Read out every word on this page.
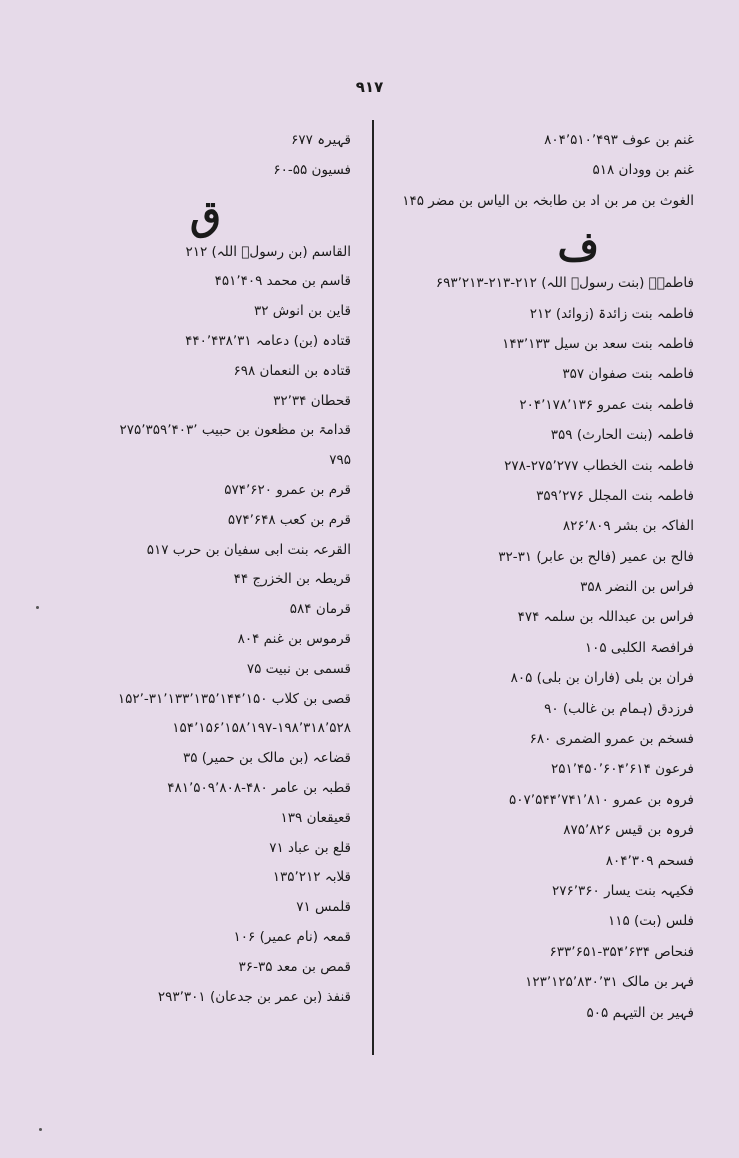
٩١٧
غنم بن عوف ۸۰۴٬۵۱۰٬۴۹۳
غنم بن وودان ۵۱۸
الغوث بن مر بن اد بن طابخہ بن الیاس بن مضر ۱۴۵
ف
فاطمہؓ (بنت رسولؐ اللہ) ۲۱۲-۲۱۳-۶۹۳٬۲۱۳
فاطمہ بنت زائدۃ (زوائد) ۲۱۲
فاطمہ بنت سعد بن سیل ۱۴۳٬۱۳۳
فاطمہ بنت صفوان ۳۵۷
فاطمہ بنت عمرو ۲۰۴٬۱۷۸٬۱۳۶
فاطمہ (بنت الحارث) ۳۵۹
فاطمہ بنت الخطاب ۲۷۵٬۲۷۷-۲۷۸
فاطمہ بنت المجلل ۳۵۹٬۲۷۶
الفاکہ بن بشر ۸۲۶٬۸۰۹
فالح بن عمیر (فالح بن عابر) ۳۱-۳۲
فراس بن النضر ۳۵۸
فراس بن عبداللہ بن سلمہ ۴۷۴
فرافصۃ الکلبی ۱۰۵
فران بن بلی (فاران بن بلی) ۸۰۵
فرزدق (ہمام بن غالب) ۹۰
فسخم بن عمرو الضمری ۶۸۰
فرعون ۲۵۱٬۴۵۰٬۶۰۴٬۶۱۴
فروہ بن عمرو ۵۰۷٬۵۴۴٬۷۴۱٬۸۱۰
فروہ بن قیس ۸۷۵٬۸۲۶
فسحم ۸۰۴٬۳۰۹
فکیہہ بنت یسار ۲۷۶٬۳۶۰
فلس (بت) ۱۱۵
فنحاص ۳۵۴٬۶۳۴-۶۳۳٬۶۵۱
فہر بن مالک ۱۲۳٬۱۲۵٬۸۳۰٬۳۱
فہیر بن التیہم ۵۰۵
قہیرہ ۶۷۷
فسیون ۵۵-۶۰
ق
القاسم (بن رسولؐ اللہ) ۲۱۲
قاسم بن محمد ۴۵۱٬۴۰۹
قاین بن انوش ۳۲
قتادہ (بن) دعامہ ۴۴۰٬۴۳۸٬۳۱
قتادہ بن النعمان ۶۹۸
قحطان ۳۲٬۳۴
قدامۃ بن مظعون بن حبیب ۲۷۵٬۳۵۹٬۴۰۳٬
۷۹۵
قرم بن عمرو ۵۷۴٬۶۲۰
قرم بن کعب ۵۷۴٬۶۴۸
القرعہ بنت ابی سفیان بن حرب ۵۱۷
قریطہ بن الخزرج ۴۴
قرمان ۵۸۴
قرموس بن غنم ۸۰۴
قسمی بن نبیت ۷۵
قصی بن کلاب ۳۱٬۱۳۳٬۱۳۵٬۱۴۴٬۱۵۰-۱۵۲٬
۱۵۴٬۱۵۶٬۱۵۸٬۱۹۷-۱۹۸٬۳۱۸٬۵۲۸
قضاعہ (بن مالک بن حمیر) ۳۵
قطبہ بن عامر ۴۸۰-۴۸۱٬۵۰۹٬۸۰۸
قعیقعان ۱۳۹
قلع بن عباد ۷۱
قلابہ ۱۳۵٬۲۱۲
قلمس ۷۱
قمعہ (نام عمیر) ۱۰۶
قمص بن معد ۳۵-۳۶
قنفذ (بن عمر بن جدعان) ۲۹۳٬۳۰۱
